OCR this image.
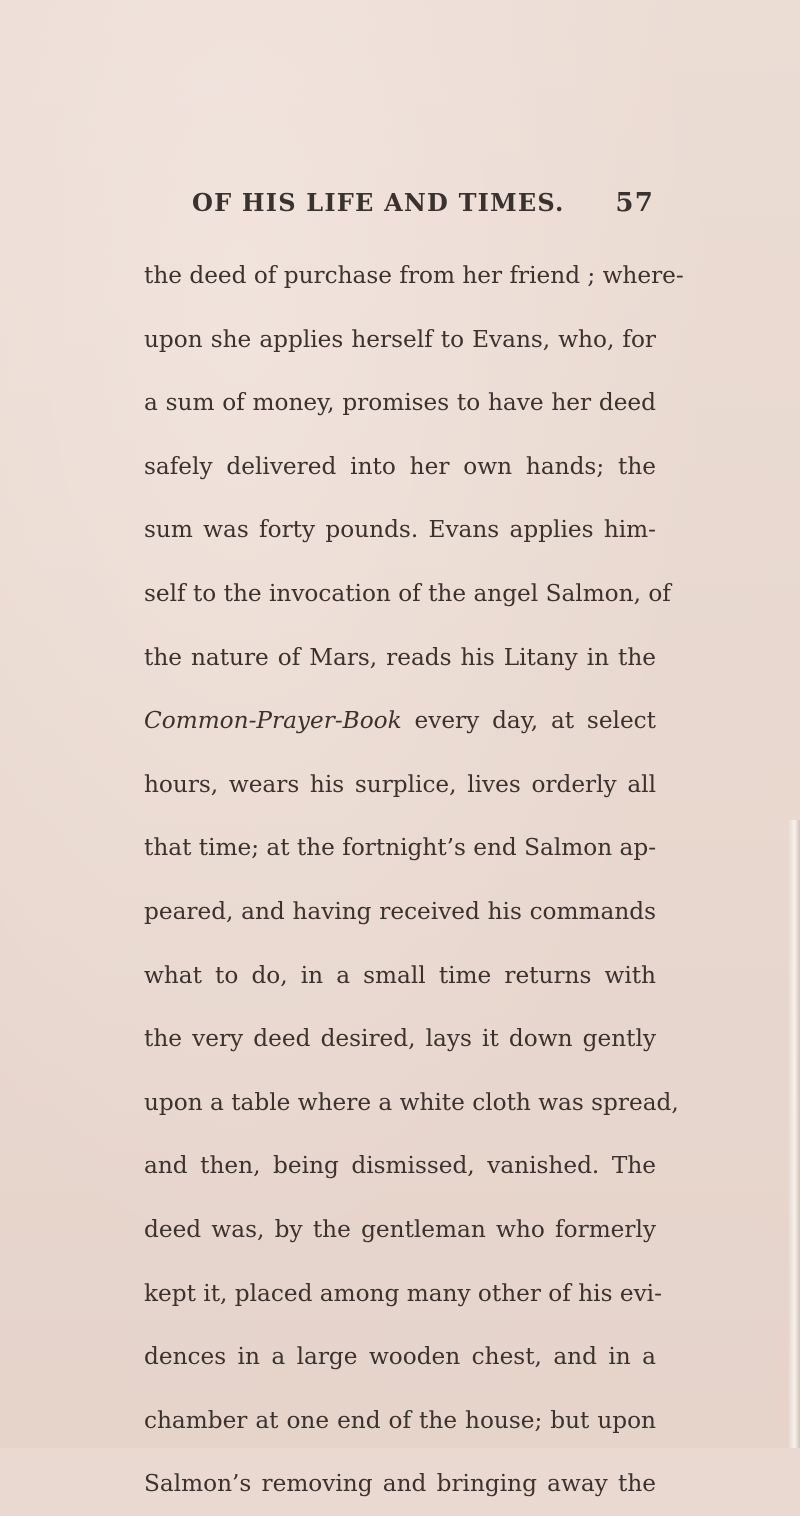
OF HIS LIFE AND TIMES. 57
the deed of purchase from her friend ; where-
upon she applies herself to Evans, who, for
a sum of money, promises to have her deed
safely delivered into her own hands; the
sum was forty pounds. Evans applies him-
self to the invocation of the angel Salmon, of
the nature of Mars, reads his Litany in the
Common-Prayer-Book every day, at select
hours, wears his surplice, lives orderly all
that time; at the fortnight’s end Salmon ap-
peared, and having received his commands
what to do, in a small time returns with
the very deed desired, lays it down gently
upon a table where a white cloth was spread,
and then, being dismissed, vanished. The
deed was, by the gentleman who formerly
kept it, placed among many other of his evi-
dences in a large wooden chest, and in a
chamber at one end of the house; but upon
Salmon’s removing and bringing away the
